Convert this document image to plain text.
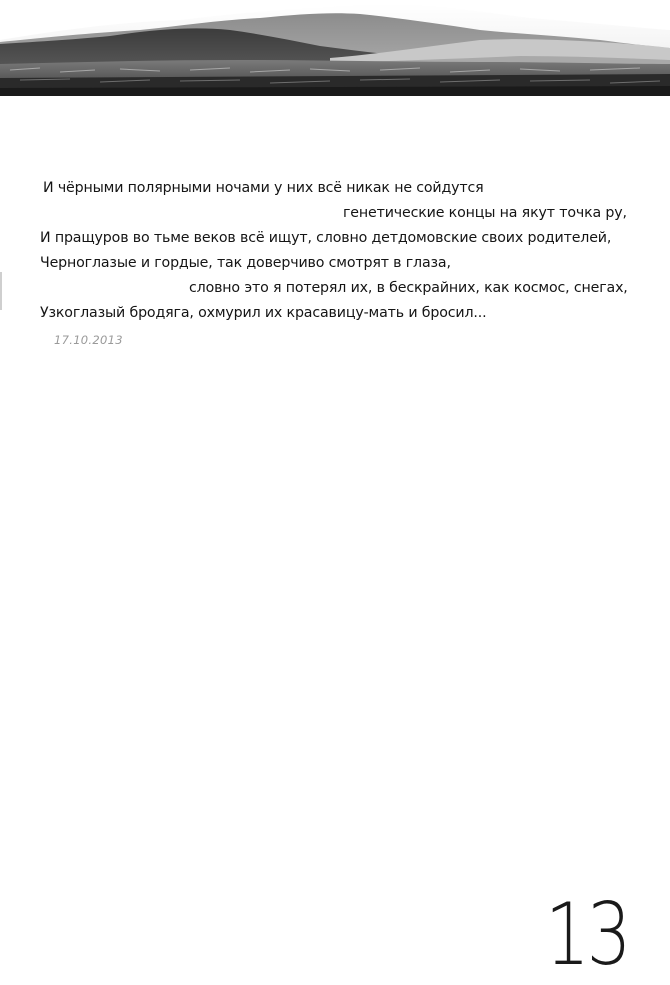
И чёрными полярными ночами у них всё никак не сойдутся
генетические концы на якут точка ру,
И пращуров во тьме веков всё ищут, словно детдомовские своих родителей,
Черноглазые и гордые, так доверчиво смотрят в глаза,
словно это я потерял их, в бескрайних, как космос, снегах,
Узкоглазый бродяга, охмурил их красавицу-мать и бросил...
17.10.2013
13
